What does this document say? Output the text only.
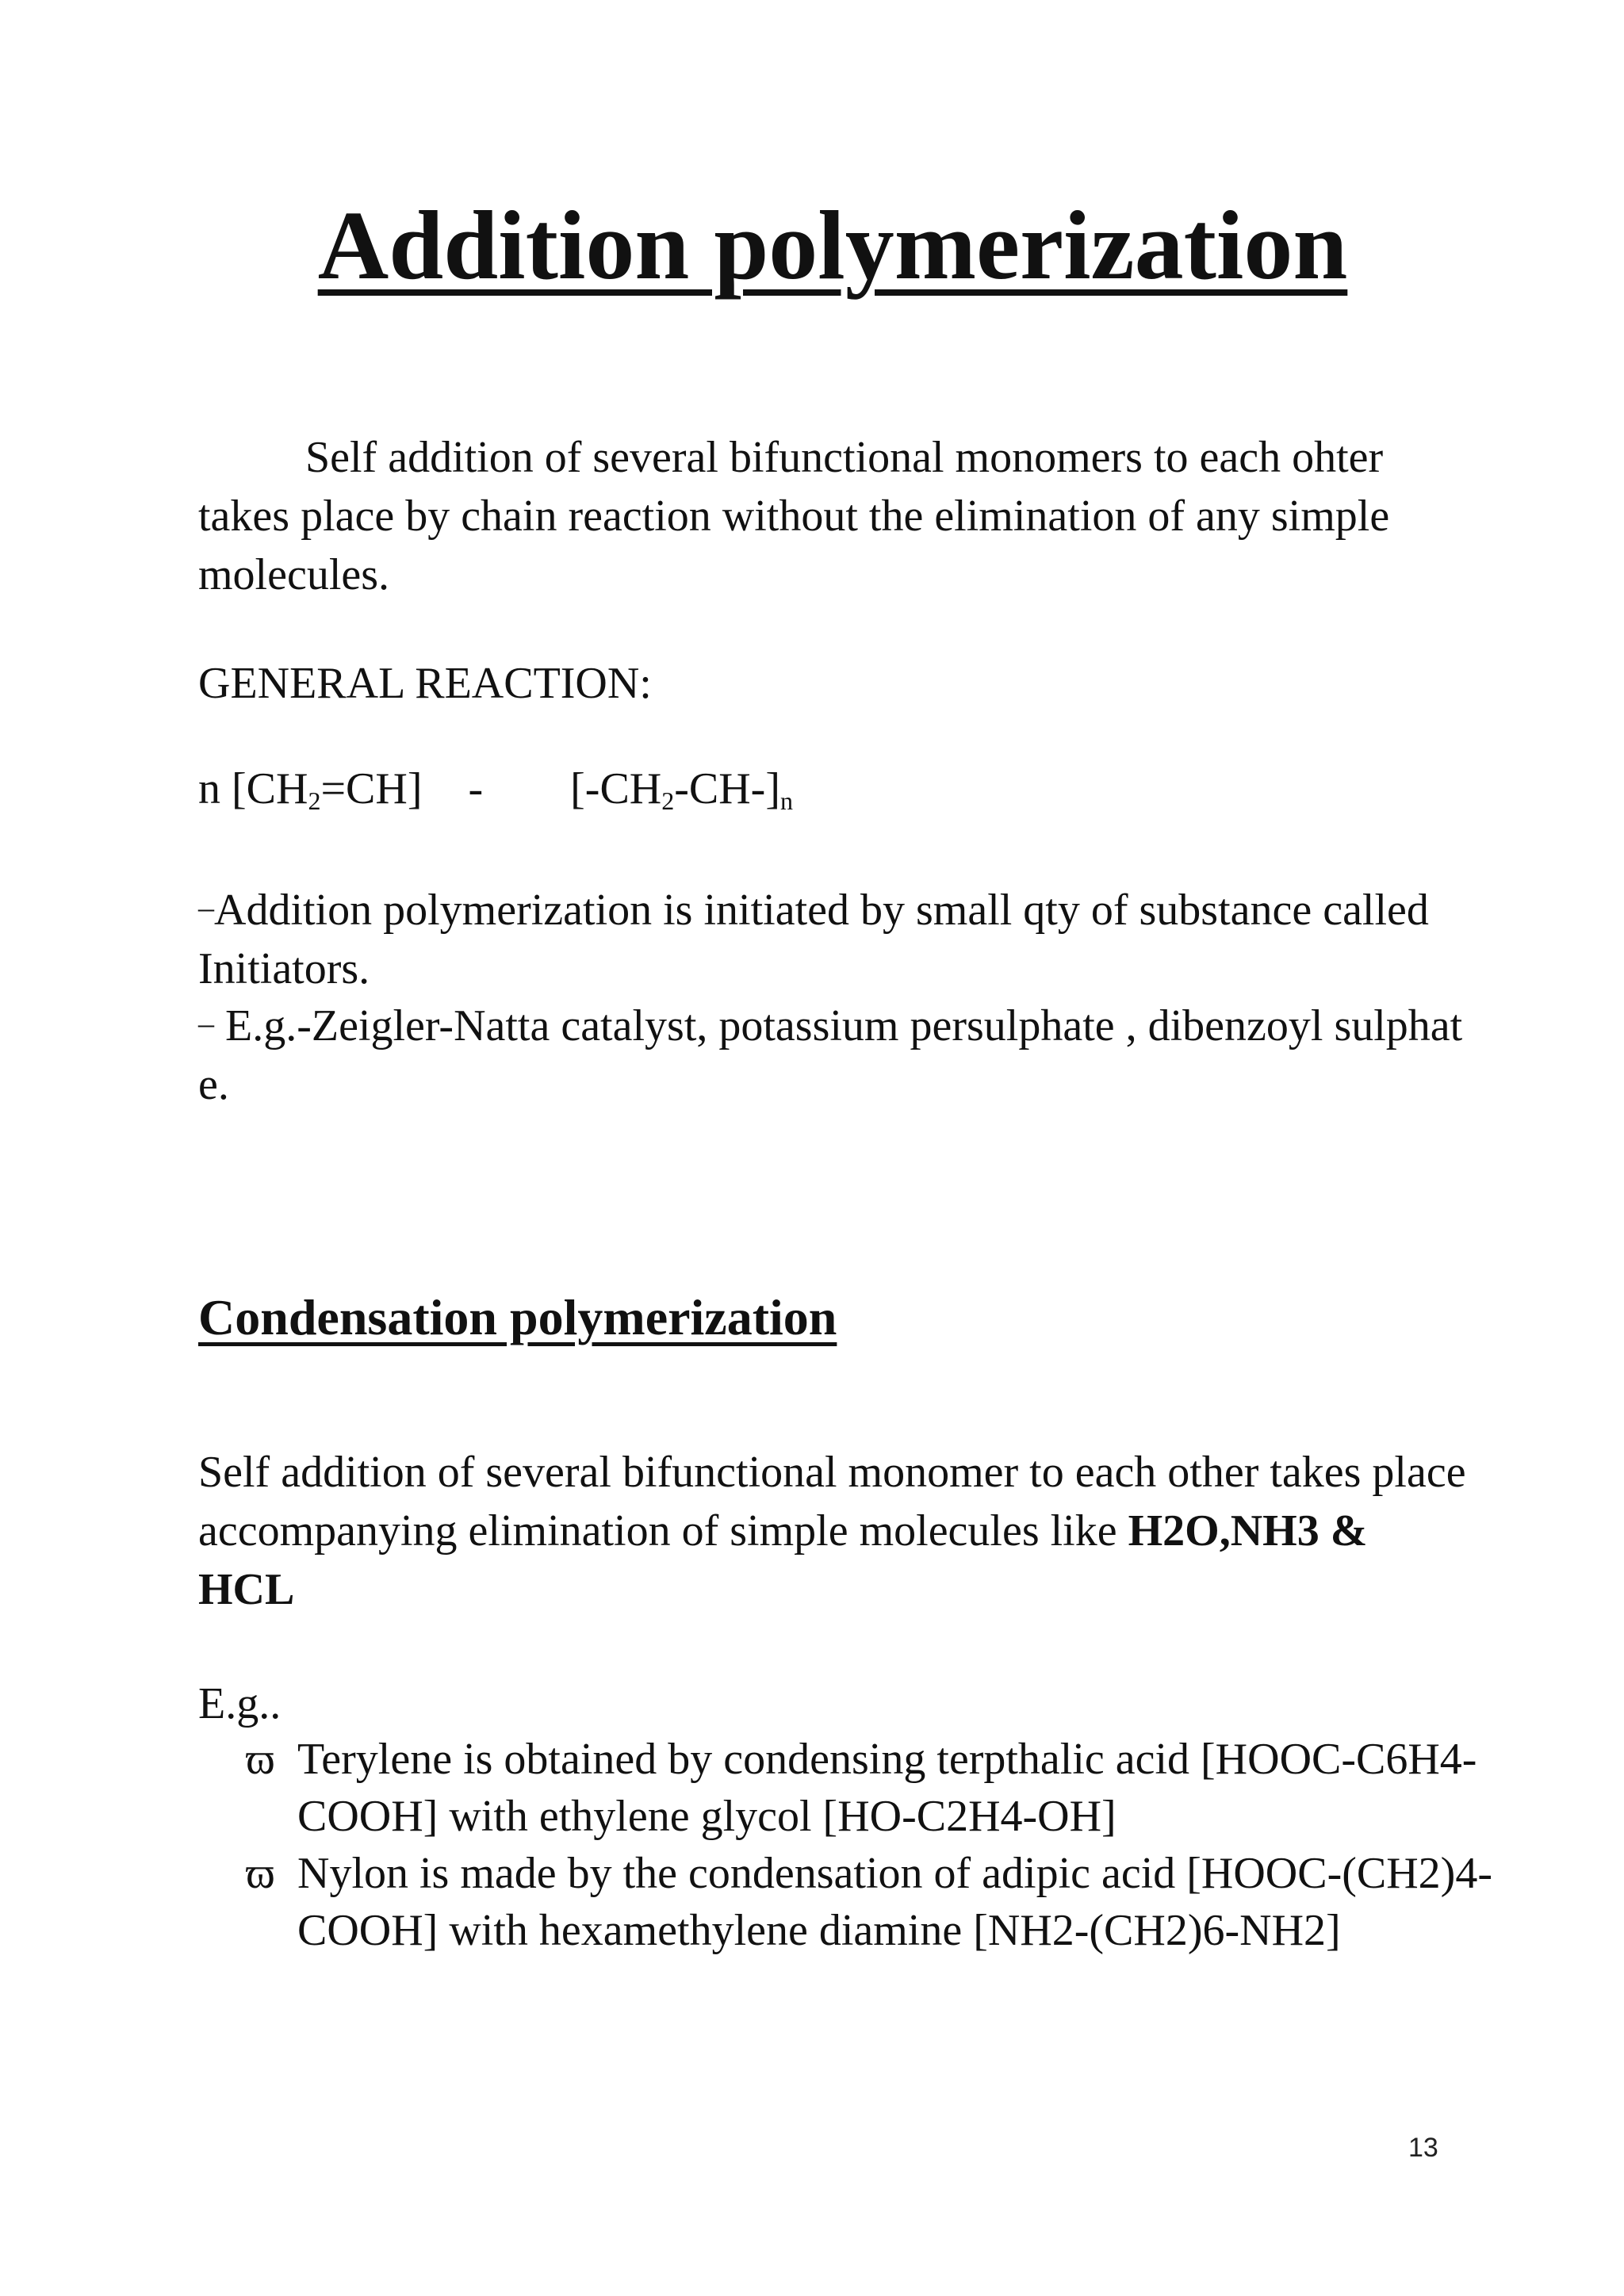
Addition polymerization

Self addition of several bifunctional monomers to each ohter takes place by chain reaction without the elimination of any simple molecules.

GENERAL REACTION:

n $[CH_2=CH] - [-CH_2-CH-]_n$

–Addition polymerization is initiated by small qty of substance called Initiators.

– E.g.-Zeigler-Natta catalyst, potassium persulphate , dibenzoyl sulphat e.

Condensation polymerization

Self addition of several bifunctional monomer to each other takes place accompanying elimination of simple molecules like H2O,NH3 & HCL

E.g..

ϖ Terylene is obtained by condensing terpthalic acid [HOOC-C6H4-COOH] with ethylene glycol [HO-C2H4-OH]
ϖ Nylon is made by the condensation of adipic acid [HOOC-(CH2)4-COOH] with hexamethylene diamine [NH2-(CH2)6-NH2]
13
